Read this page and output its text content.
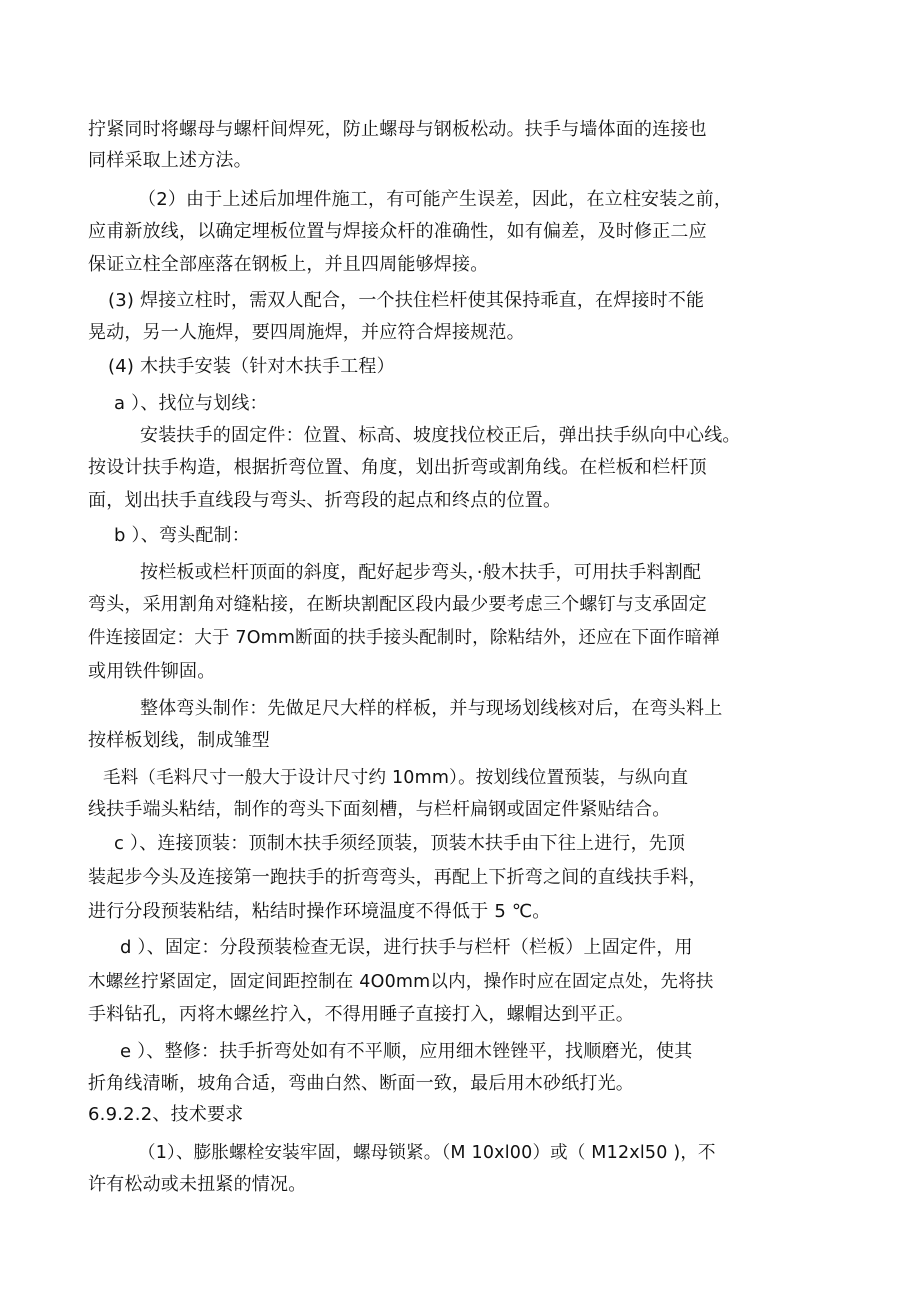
拧紧同时将螺母与螺杆间焊死，防止螺母与钢板松动。扶手与墙体面的连接也
同样采取上述方法。
（2）由于上述后加埋件施工，有可能产生误差，因此，在立柱安装之前，
应甫新放线，以确定埋板位置与焊接众杆的准确性，如有偏差，及时修正二应
保证立柱全部座落在钢板上，并且四周能够焊接。
(3) 焊接立柱时，需双人配合，一个扶住栏杆使其保持乖直，在焊接时不能
晃动，另一人施焊，要四周施焊，并应符合焊接规范。
(4) 木扶手安装（针对木扶手工程）
a ）、找位与划线：
安装扶手的固定件：位置、标高、坡度找位校正后，弹出扶手纵向中心线。
按设计扶手构造，根据折弯位置、角度，划出折弯或割角线。在栏板和栏杆顶
面，划出扶手直线段与弯头、折弯段的起点和终点的位置。
b ）、弯头配制：
按栏板或栏杆顶面的斜度，配好起步弯头，·般木扶手，可用扶手料割配
弯头，采用割角对缝粘接，在断块割配区段内最少要考虑三个螺钉与支承固定
件连接固定：大于 7Omm断面的扶手接头配制时，除粘结外，还应在下面作暗禅
或用铁件铆固。
整体弯头制作：先做足尺大样的样板，并与现场划线核对后，在弯头料上
按样板划线，制成雏型
毛料（毛料尺寸一般大于设计尺寸约 10mm）。按划线位置预装，与纵向直
线扶手端头粘结，制作的弯头下面刻槽，与栏杆扁钢或固定件紧贴结合。
c ）、连接顶装：顶制木扶手须经顶装，顶装木扶手由下往上进行，先顶
装起步今头及连接第一跑扶手的折弯弯头，再配上下折弯之间的直线扶手料，
进行分段预装粘结，粘结时操作环境温度不得低于 5 ℃。
d ）、固定：分段预装检查无误，进行扶手与栏杆（栏板）上固定件，用
木螺丝拧紧固定，固定间距控制在 4O0mm以内，操作时应在固定点处，先将扶
手料钻孔，丙将木螺丝拧入，不得用睡子直接打入，螺帽达到平正。
e ）、整修：扶手折弯处如有不平顺，应用细木锉锉平，找顺磨光，使其
折角线清晰，坡角合适，弯曲白然、断面一致，最后用木砂纸打光。
6.9.2.2、技术要求
（1）、膨胀螺栓安装牢固，螺母锁紧。（M 10xl00）或（ M12xl50 )，不
许有松动或未扭紧的情况。
